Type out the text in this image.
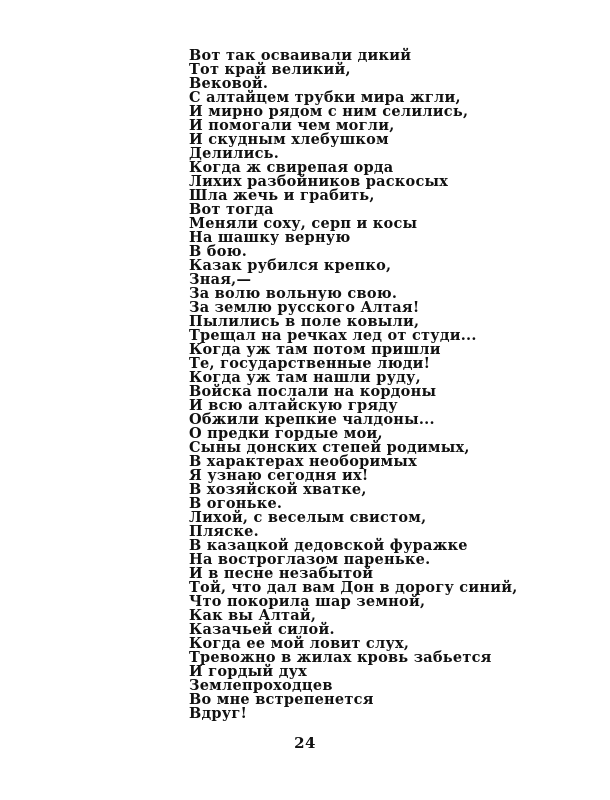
Вот так осваивали дикий
Тот край великий,
Вековой.
С алтайцем трубки мира жгли,
И мирно рядом с ним селились,
И помогали чем могли,
И скудным хлебушком
Делились.
Когда ж свирепая орда
Лихих разбойников раскосых
Шла жечь и грабить,
Вот тогда
Меняли соху, серп и косы
На шашку верную
В бою.
Казак рубился крепко,
Зная,—
За волю вольную свою.
За землю русского Алтая!
Пылились в поле ковыли,
Трещал на речках лед от студи...
Когда уж там потом пришли
Те, государственные люди!
Когда уж там нашли руду,
Войска послали на кордоны
И всю алтайскую гряду
Обжили крепкие чалдоны...
О предки гордые мои,
Сыны донских степей родимых,
В характерах необоримых
Я узнаю сегодня их!
В хозяйской хватке,
В огоньке.
Лихой, с веселым свистом,
Пляске.
В казацкой дедовской фуражке
На востроглазом пареньке.
И в песне незабытой
Той, что дал вам Дон в дорогу синий,
Что покорила шар земной,
Как вы Алтай,
Казачьей силой.
Когда ее мой ловит слух,
Тревожно в жилах кровь забьется
И гордый дух
Землепроходцев
Во мне встрепенется
Вдруг!
24
